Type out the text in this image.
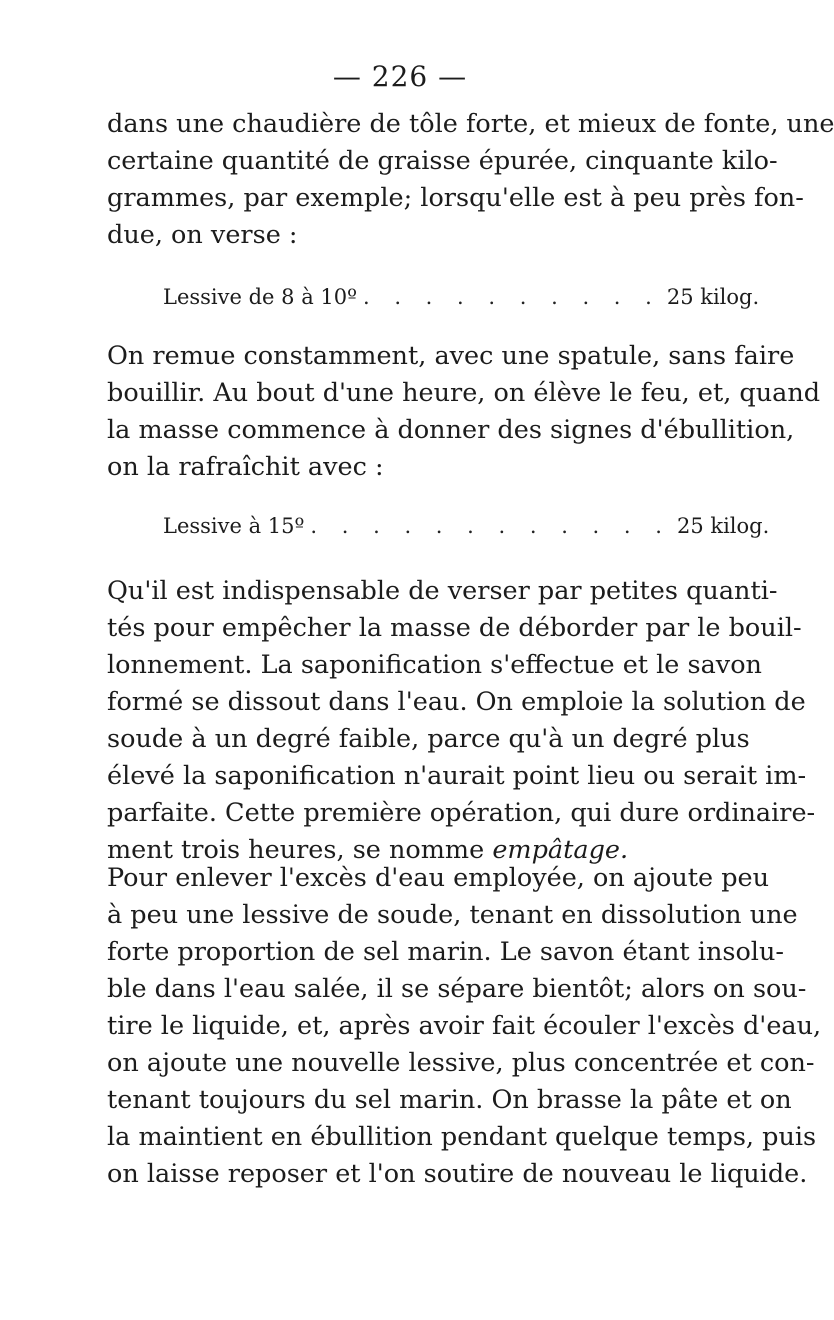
— 226 —
dans une chaudière de tôle forte, et mieux de fonte, une
certaine quantité de graisse épurée, cinquante kilo-
grammes, par exemple; lorsqu'elle est à peu près fon-
due, on verse :
Lessive de 8 à 10º . . . . . . . . . . 25 kilog.
On remue constamment, avec une spatule, sans faire
bouillir. Au bout d'une heure, on élève le feu, et, quand
la masse commence à donner des signes d'ébullition,
on la rafraîchit avec :
Lessive à 15º . . . . . . . . . . . . 25 kilog.
Qu'il est indispensable de verser par petites quanti-
tés pour empêcher la masse de déborder par le bouil-
lonnement. La saponification s'effectue et le savon
formé se dissout dans l'eau. On emploie la solution de
soude à un degré faible, parce qu'à un degré plus
élevé la saponification n'aurait point lieu ou serait im-
parfaite. Cette première opération, qui dure ordinaire-
ment trois heures, se nomme empâtage.
Pour enlever l'excès d'eau employée, on ajoute peu
à peu une lessive de soude, tenant en dissolution une
forte proportion de sel marin. Le savon étant insolu-
ble dans l'eau salée, il se sépare bientôt; alors on sou-
tire le liquide, et, après avoir fait écouler l'excès d'eau,
on ajoute une nouvelle lessive, plus concentrée et con-
tenant toujours du sel marin. On brasse la pâte et on
la maintient en ébullition pendant quelque temps, puis
on laisse reposer et l'on soutire de nouveau le liquide.
